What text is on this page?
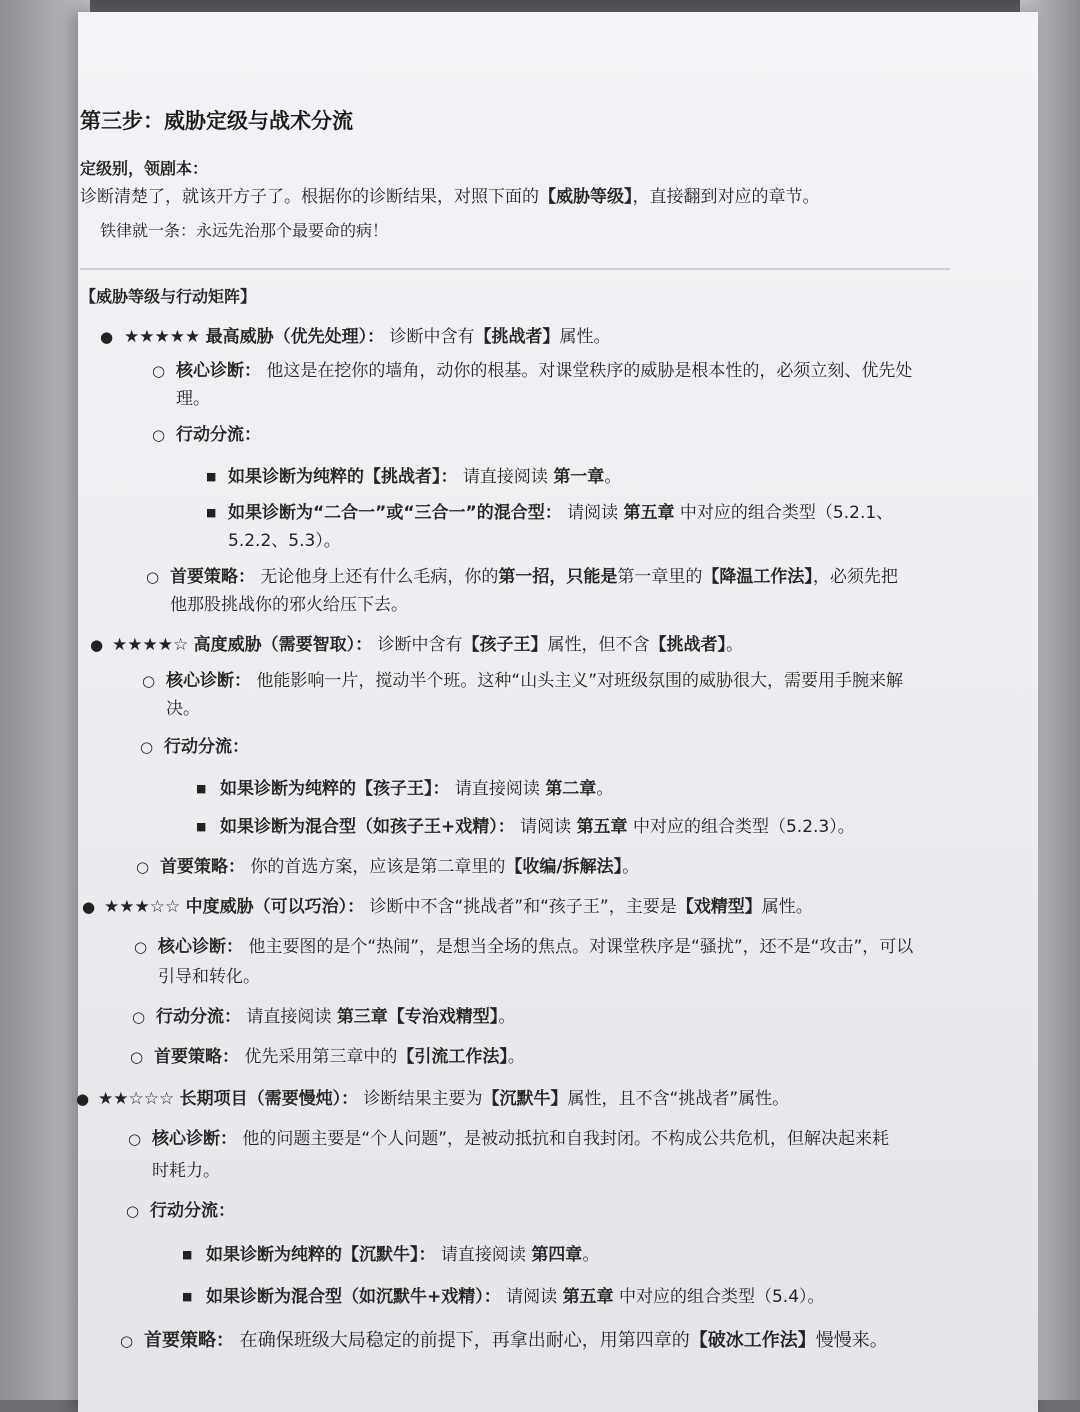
第三步：威胁定级与战术分流
定级别，领剧本：
诊断清楚了，就该开方子了。根据你的诊断结果，对照下面的【威胁等级】，直接翻到对应的章节。
铁律就一条：永远先治那个最要命的病！
【威胁等级与行动矩阵】
● ★★★★★ 最高威胁（优先处理）： 诊断中含有【挑战者】属性。
○ 核心诊断： 他这是在挖你的墙角，动你的根基。对课堂秩序的威胁是根本性的，必须立刻、优先处
理。
○ 行动分流：
■ 如果诊断为纯粹的【挑战者】： 请直接阅读 第一章。
■ 如果诊断为“二合一”或“三合一”的混合型： 请阅读 第五章 中对应的组合类型（5.2.1、
5.2.2、5.3）。
○ 首要策略： 无论他身上还有什么毛病，你的第一招，只能是第一章里的【降温工作法】，必须先把
他那股挑战你的邪火给压下去。
● ★★★★☆ 高度威胁（需要智取）： 诊断中含有【孩子王】属性，但不含【挑战者】。
○ 核心诊断： 他能影响一片，搅动半个班。这种“山头主义”对班级氛围的威胁很大，需要用手腕来解
决。
○ 行动分流：
■ 如果诊断为纯粹的【孩子王】： 请直接阅读 第二章。
■ 如果诊断为混合型（如孩子王+戏精）： 请阅读 第五章 中对应的组合类型（5.2.3）。
○ 首要策略： 你的首选方案，应该是第二章里的【收编/拆解法】。
● ★★★☆☆ 中度威胁（可以巧治）： 诊断中不含“挑战者”和“孩子王”，主要是【戏精型】属性。
○ 核心诊断： 他主要图的是个“热闹”，是想当全场的焦点。对课堂秩序是“骚扰”，还不是“攻击”，可以
引导和转化。
○ 行动分流： 请直接阅读 第三章【专治戏精型】。
○ 首要策略： 优先采用第三章中的【引流工作法】。
● ★★☆☆☆ 长期项目（需要慢炖）： 诊断结果主要为【沉默牛】属性，且不含“挑战者”属性。
○ 核心诊断： 他的问题主要是“个人问题”，是被动抵抗和自我封闭。不构成公共危机，但解决起来耗
时耗力。
○ 行动分流：
■ 如果诊断为纯粹的【沉默牛】： 请直接阅读 第四章。
■ 如果诊断为混合型（如沉默牛+戏精）： 请阅读 第五章 中对应的组合类型（5.4）。
○ 首要策略： 在确保班级大局稳定的前提下，再拿出耐心，用第四章的【破冰工作法】慢慢来。
